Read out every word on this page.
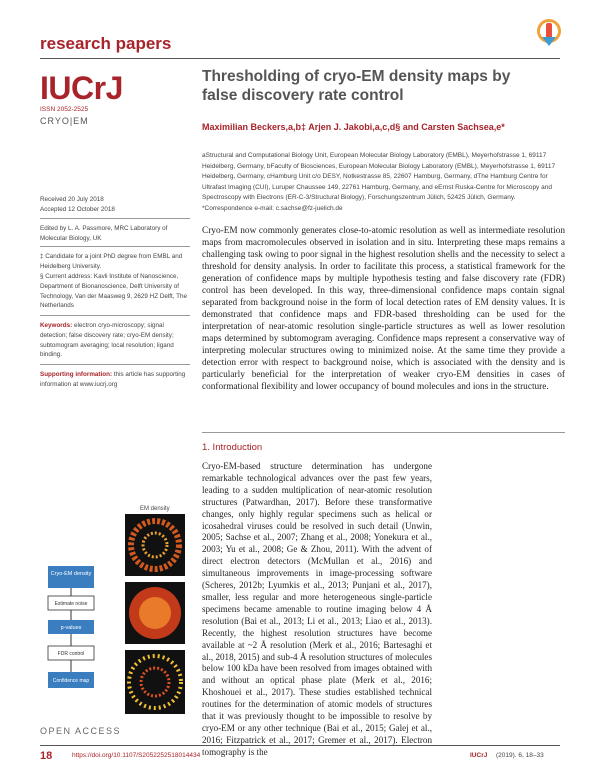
research papers
IUCrJ
ISSN 2052-2525
CRYO|EM
Thresholding of cryo-EM density maps by false discovery rate control
Maximilian Beckers,a,b‡ Arjen J. Jakobi,a,c,d§ and Carsten Sachsea,e*
aStructural and Computational Biology Unit, European Molecular Biology Laboratory (EMBL), Meyerhofstrasse 1, 69117 Heidelberg, Germany, bFaculty of Biosciences, European Molecular Biology Laboratory (EMBL), Meyerhofstrasse 1, 69117 Heidelberg, Germany, cHamburg Unit c/o DESY, Notkestrasse 85, 22607 Hamburg, Germany, dThe Hamburg Centre for Ultrafast Imaging (CUI), Luruper Chaussee 149, 22761 Hamburg, Germany, and eErnst Ruska-Centre for Microscopy and Spectroscopy with Electrons (ER-C-3/Structural Biology), Forschungszentrum Jülich, 52425 Jülich, Germany. *Correspondence e-mail: c.sachse@fz-juelich.de
Received 20 July 2018
Accepted 12 October 2018
Edited by L. A. Passmore, MRC Laboratory of Molecular Biology, UK
‡ Candidate for a joint PhD degree from EMBL and Heidelberg University.
§ Current address: Kavli Institute of Nanoscience, Department of Bionanoscience, Delft University of Technology, Van der Maasweg 9, 2629 HZ Delft, The Netherlands
Keywords: electron cryo-microscopy; signal detection; false discovery rate; cryo-EM density; subtomogram averaging; local resolution; ligand binding.
Supporting information: this article has supporting information at www.iucrj.org
Cryo-EM now commonly generates close-to-atomic resolution as well as intermediate resolution maps from macromolecules observed in isolation and in situ. Interpreting these maps remains a challenging task owing to poor signal in the highest resolution shells and the necessity to select a threshold for density analysis. In order to facilitate this process, a statistical framework for the generation of confidence maps by multiple hypothesis testing and false discovery rate (FDR) control has been developed. In this way, three-dimensional confidence maps contain signal separated from background noise in the form of local detection rates of EM density values. It is demonstrated that confidence maps and FDR-based thresholding can be used for the interpretation of near-atomic resolution single-particle structures as well as lower resolution maps determined by subtomogram averaging. Confidence maps represent a conservative way of interpreting molecular structures owing to minimized noise. At the same time they provide a detection error with respect to background noise, which is associated with the density and is particularly beneficial for the interpretation of weaker cryo-EM densities in cases of conformational flexibility and lower occupancy of bound molecules and ions in the structure.
1. Introduction
Cryo-EM-based structure determination has undergone remarkable technological advances over the past few years, leading to a sudden multiplication of near-atomic resolution structures (Patwardhan, 2017). Before these transformative changes, only highly regular specimens such as helical or icosahedral viruses could be resolved in such detail (Unwin, 2005; Sachse et al., 2007; Zhang et al., 2008; Yonekura et al., 2003; Yu et al., 2008; Ge & Zhou, 2011). With the advent of direct electron detectors (McMullan et al., 2016) and simultaneous improvements in image-processing software (Scheres, 2012b; Lyumkis et al., 2013; Punjani et al., 2017), smaller, less regular and more heterogeneous single-particle specimens became amenable to routine imaging below 4 Å resolution (Bai et al., 2013; Li et al., 2013; Liao et al., 2013). Recently, the highest resolution structures have become available at ~2 Å resolution (Merk et al., 2016; Bartesaghi et al., 2018, 2015) and sub-4 Å resolution structures of molecules below 100 kDa have been resolved from images obtained with and without an optical phase plate (Merk et al., 2016; Khoshouei et al., 2017). These studies established technical routines for the determination of atomic models of structures that it was previously thought to be impossible to resolve by cryo-EM or any other technique (Bai et al., 2015; Galej et al., 2016; Fitzpatrick et al., 2017; Gremer et al., 2017). Electron tomography is the
EM density
Cryo-EM density
Estimate noise
p-values
FDR control
Confidence map
OPEN ACCESS
18	https://doi.org/10.1107/S2052252518014434	IUCrJ (2019). 6, 18–33
